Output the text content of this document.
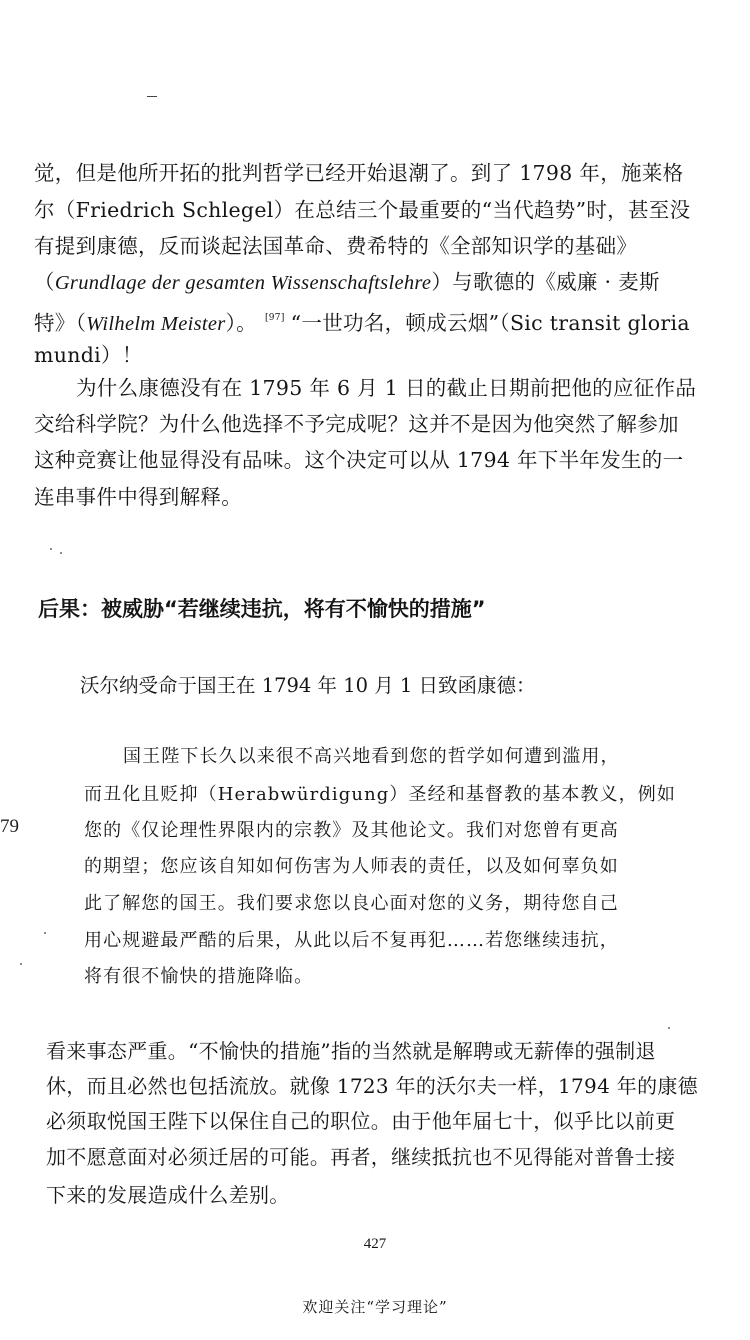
79

觉，但是他所开拓的批判哲学已经开始退潮了。到了 1798 年，施莱格

尔（Friedrich Schlegel）在总结三个最重要的“当代趋势”时，甚至没

有提到康德，反而谈起法国革命、费希特的《全部知识学的基础》

（Grundlage der gesamten Wissenschaftslehre）与歌德的《威廉 · 麦斯

特》（Wilhelm Meister）。 [97] “一世功名，顿成云烟”（Sic transit gloria

mundi）！

为什么康德没有在 1795 年 6 月 1 日的截止日期前把他的应征作品

交给科学院？为什么他选择不予完成呢？这并不是因为他突然了解参加

这种竞赛让他显得没有品味。这个决定可以从 1794 年下半年发生的一

连串事件中得到解释。

后果：被威胁“若继续违抗，将有不愉快的措施”
沃尔纳受命于国王在 1794 年 10 月 1 日致函康德：

国王陛下长久以来很不高兴地看到您的哲学如何遭到滥用，

而丑化且贬抑（Herabwürdigung）圣经和基督教的基本教义，例如

您的《仅论理性界限内的宗教》及其他论文。我们对您曾有更高

的期望；您应该自知如何伤害为人师表的责任，以及如何辜负如

此了解您的国王。我们要求您以良心面对您的义务，期待您自己

用心规避最严酷的后果，从此以后不复再犯……若您继续违抗，

将有很不愉快的措施降临。

看来事态严重。“不愉快的措施”指的当然就是解聘或无薪俸的强制退

休，而且必然也包括流放。就像 1723 年的沃尔夫一样，1794 年的康德

必须取悦国王陛下以保住自己的职位。由于他年届七十，似乎比以前更

加不愿意面对必须迁居的可能。再者，继续抵抗也不见得能对普鲁士接

下来的发展造成什么差别。

427
欢迎关注“学习理论”
